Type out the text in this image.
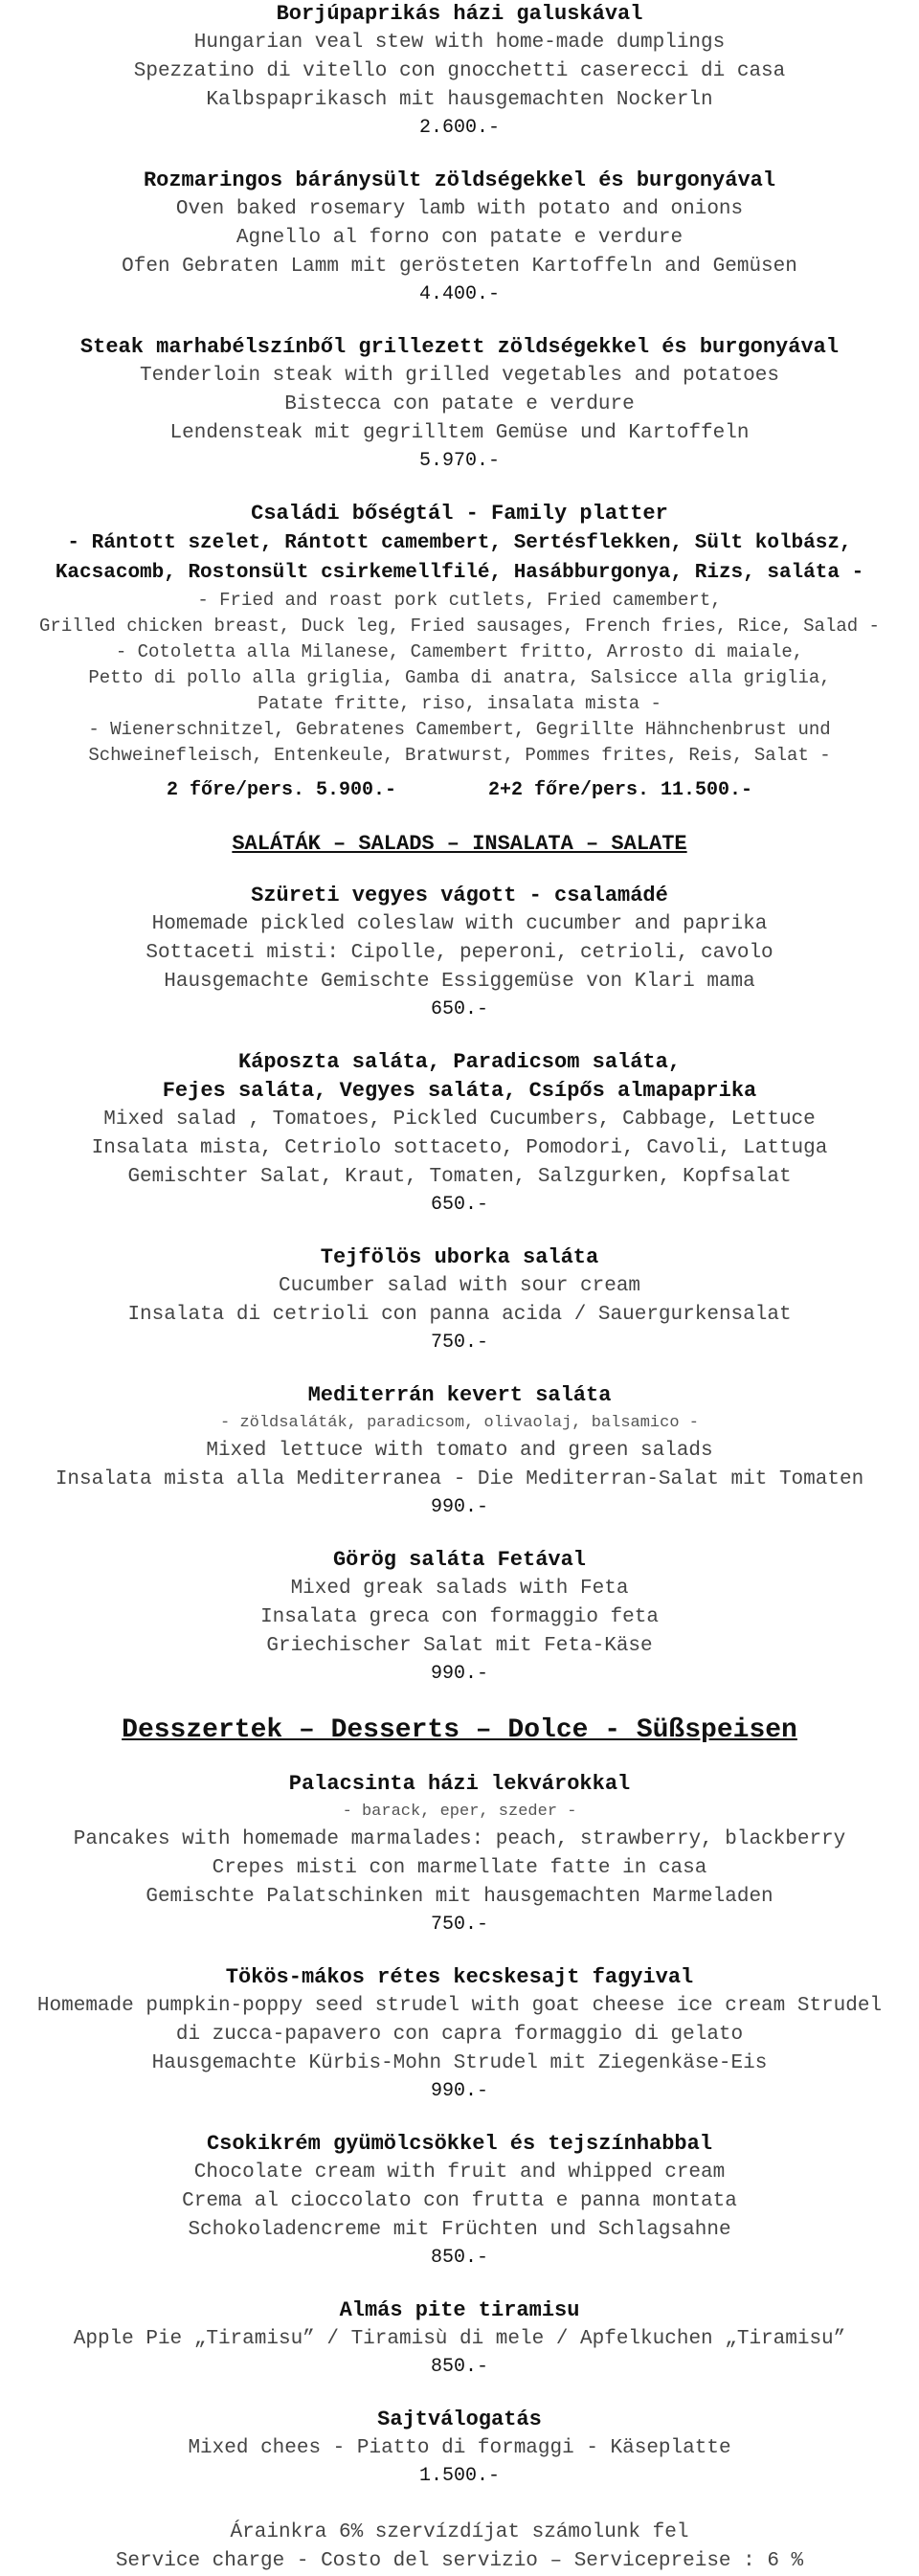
Borjúpaprikás házi galuskával
Hungarian veal stew with home-made dumplings
Spezzatino di vitello con gnocchetti caserecci di casa
Kalbspaprikasch mit hausgemachten Nockerln
2.600.-
Rozmaringos báránysült zöldségekkel és burgonyával
Oven baked rosemary lamb with potato and onions
Agnello al forno con patate e verdure
Ofen Gebraten Lamm mit gerösteten Kartoffeln and Gemüsen
4.400.-
Steak marhabélszínből grillezett zöldségekkel és burgonyával
Tenderloin steak with grilled vegetables and potatoes
Bistecca con patate e verdure
Lendensteak mit gegrilltem Gemüse und Kartoffeln
5.970.-
Családi bőségtál - Family platter
- Rántott szelet, Rántott camembert, Sertésflekken, Sült kolbász,
Kacsacomb, Rostonsült csirkemellfilé, Hasábburgonya, Rizs, saláta -
- Fried and roast pork cutlets, Fried camembert,
Grilled chicken breast, Duck leg, Fried sausages, French fries, Rice, Salad -
- Cotoletta alla Milanese, Camembert fritto, Arrosto di maiale,
Petto di pollo alla griglia, Gamba di anatra, Salsicce alla griglia,
Patate fritte, riso, insalata mista -
- Wienerschnitzel, Gebratenes Camembert, Gegrillte Hähnchenbrust und
Schweinefleisch, Entenkeule, Bratwurst, Pommes frites, Reis, Salat -
2 főre/pers. 5.900.-	2+2 főre/pers. 11.500.-
SALÁTÁK – SALADS – INSALATA – SALATE
Szüreti vegyes vágott - csalamádé
Homemade pickled coleslaw with cucumber and paprika
Sottaceti misti: Cipolle, peperoni, cetrioli, cavolo
Hausgemachte Gemischte Essiggemüse von Klari mama
650.-
Káposzta saláta, Paradicsom saláta,
Fejes saláta, Vegyes saláta, Csípős almapaprika
Mixed salad , Tomatoes, Pickled Cucumbers, Cabbage, Lettuce
Insalata mista, Cetriolo sottaceto, Pomodori, Cavoli, Lattuga
Gemischter Salat, Kraut, Tomaten, Salzgurken, Kopfsalat
650.-
Tejfölös uborka saláta
Cucumber salad with sour cream
Insalata di cetrioli con panna acida / Sauergurkensalat
750.-
Mediterrán kevert saláta
- zöldsaláták, paradicsom, olivaolaj, balsamico -
Mixed lettuce with tomato and green salads
Insalata mista alla Mediterranea - Die Mediterran-Salat mit Tomaten
990.-
Görög saláta Fetával
Mixed greak salads with Feta
Insalata greca con formaggio feta
Griechischer Salat mit Feta-Käse
990.-
Desszertek – Desserts – Dolce - Süßspeisen
Palacsinta házi lekvárokkal
- barack, eper, szeder -
Pancakes with homemade marmalades: peach, strawberry, blackberry
Crepes misti con marmellate fatte in casa
Gemischte Palatschinken mit hausgemachten Marmeladen
750.-
Tökös-mákos rétes kecskesajt fagyival
Homemade pumpkin-poppy seed strudel with goat cheese ice cream Strudel
di zucca-papavero con capra formaggio di gelato
Hausgemachte Kürbis-Mohn Strudel mit Ziegenkäse-Eis
990.-
Csokikrém gyümölcsökkel és tejszínhabbal
Chocolate cream with fruit and whipped cream
Crema al cioccolato con frutta e panna montata
Schokoladencreme mit Früchten und Schlagsahne
850.-
Almás pite tiramisu
Apple Pie „Tiramisu” / Tiramisù di mele / Apfelkuchen „Tiramisu”
850.-
Sajtválogatás
Mixed chees - Piatto di formaggi - Käseplatte
1.500.-
Árainkra 6% szervízdíjat számolunk fel
Service charge - Costo del servizio – Servicepreise : 6 %
